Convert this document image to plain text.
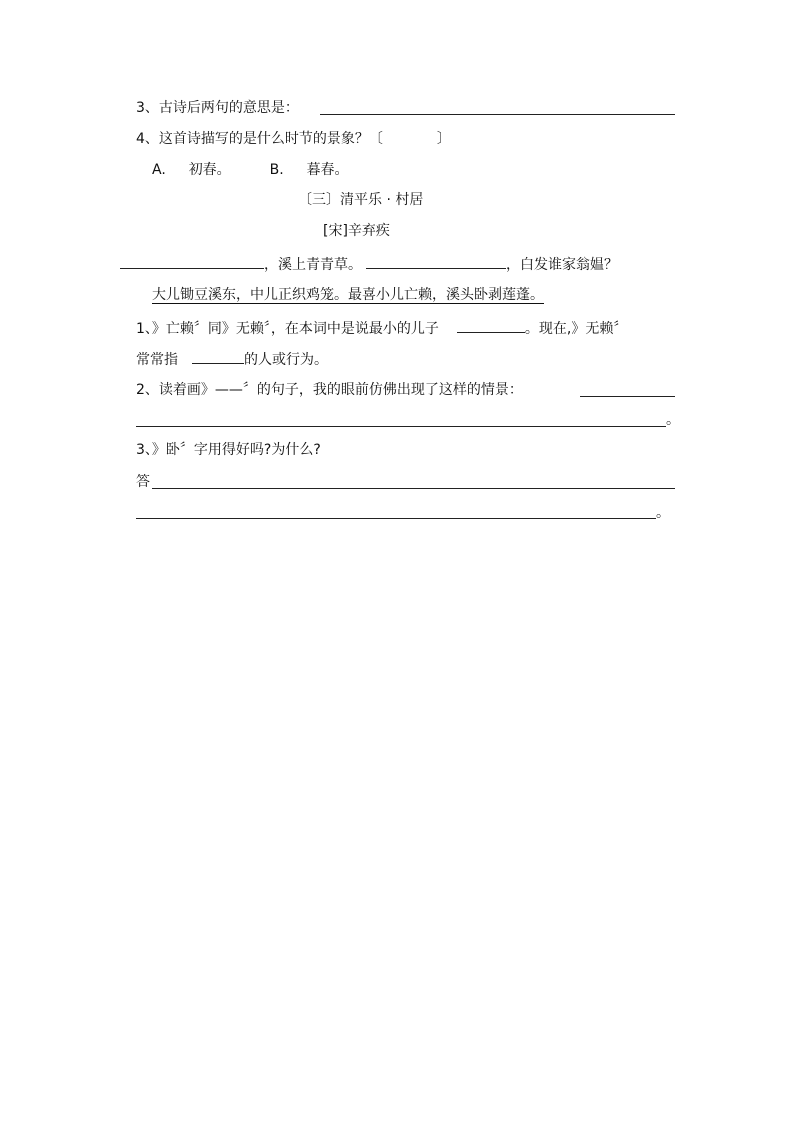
3、古诗后两句的意思是：
4、这首诗描写的是什么时节的景象？〔	〕
A. 初春。	B. 暮春。
〔三〕清平乐 · 村居
[宋]辛弃疾
，溪上青青草。	，白发谁家翁媪？
大儿锄豆溪东，中儿正织鸡笼。最喜小儿亡赖，溪头卧剥莲蓬。
1、》亡赖〞同》无赖〞，在本词中是说最小的儿子	。现在,》无赖〞
常常指	的人或行为。
2、读着画》——〞的句子，我的眼前仿佛出现了这样的情景：
。
3、》卧〞字用得好吗?为什么?
答
。
